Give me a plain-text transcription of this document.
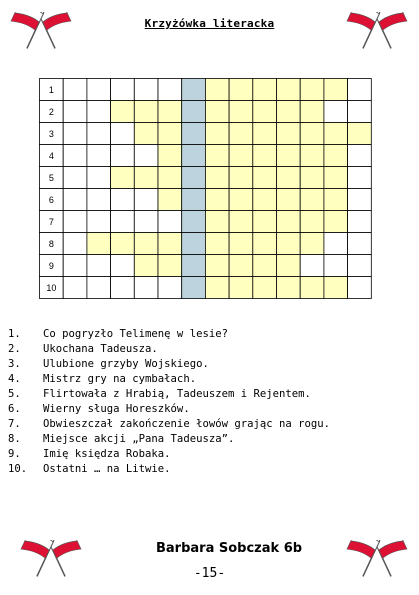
Krzyżówka literacka
1
2
3
4
5
6
7
8
9
10
1. Co pogryzło Telimenę w lesie?
2. Ukochana Tadeusza.
3. Ulubione grzyby Wojskiego.
4. Mistrz gry na cymbałach.
5. Flirtowała z Hrabią, Tadeuszem i Rejentem.
6. Wierny sługa Horeszków.
7. Obwieszczał zakończenie łowów grając na rogu.
8. Miejsce akcji „Pana Tadeusza”.
9. Imię księdza Robaka.
10. Ostatni … na Litwie.
Barbara Sobczak 6b
-15-
